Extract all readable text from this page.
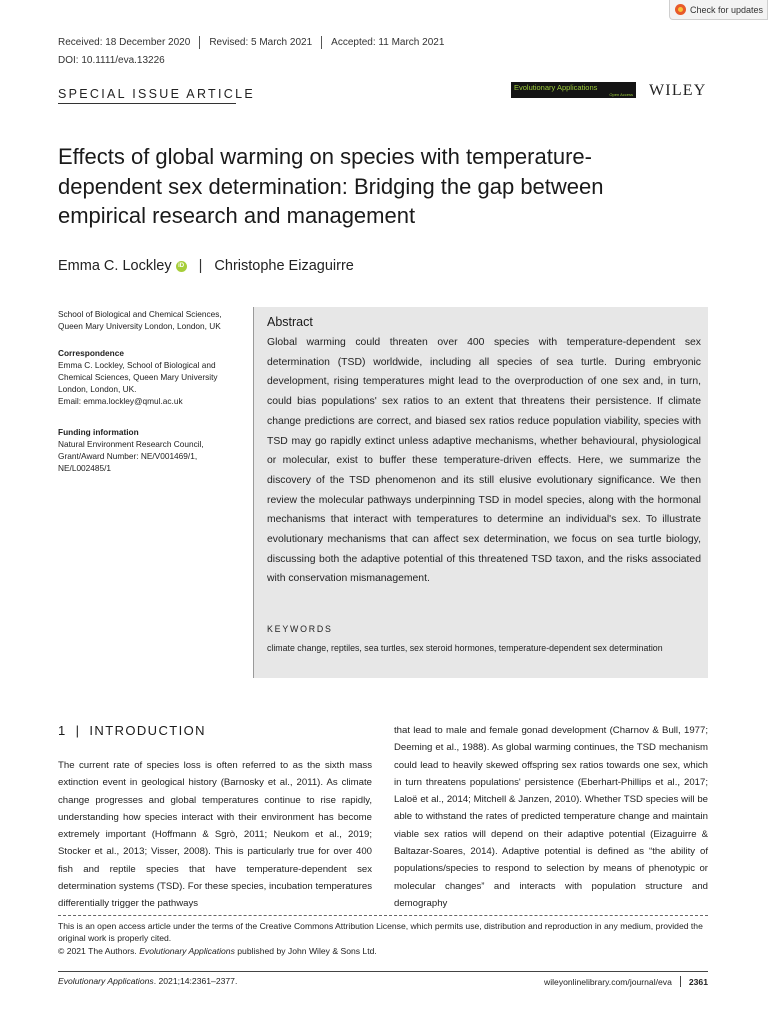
Check for updates
Received: 18 December 2020 Revised: 5 March 2021 Accepted: 11 March 2021
DOI: 10.1111/eva.13226
SPECIAL ISSUE ARTICLE	Evolutionary Applications
Open Access WILEY
Effects of global warming on species with temperature-dependent sex determination: Bridging the gap between empirical research and management
Emma C. Lockley	iD | Christophe Eizaguirre
School of Biological and Chemical Sciences, Queen Mary University London, London, UK
Correspondence
Emma C. Lockley, School of Biological and Chemical Sciences, Queen Mary University London, London, UK.
Email: emma.lockley@qmul.ac.uk
Funding information
Natural Environment Research Council, Grant/Award Number: NE/V001469/1, NE/L002485/1
Abstract
Global warming could threaten over 400 species with temperature-dependent sex determination (TSD) worldwide, including all species of sea turtle. During embryonic development, rising temperatures might lead to the overproduction of one sex and, in turn, could bias populations' sex ratios to an extent that threatens their persistence. If climate change predictions are correct, and biased sex ratios reduce population viability, species with TSD may go rapidly extinct unless adaptive mechanisms, whether behavioural, physiological or molecular, exist to buffer these temperature-driven effects. Here, we summarize the discovery of the TSD phenomenon and its still elusive evolutionary significance. We then review the molecular pathways underpinning TSD in model species, along with the hormonal mechanisms that interact with temperatures to determine an individual's sex. To illustrate evolutionary mechanisms that can affect sex determination, we focus on sea turtle biology, discussing both the adaptive potential of this threatened TSD taxon, and the risks associated with conservation mismanagement.
KEYWORDS
climate change, reptiles, sea turtles, sex steroid hormones, temperature-dependent sex determination
1 | INTRODUCTION
The current rate of species loss is often referred to as the sixth mass extinction event in geological history (Barnosky et al., 2011). As climate change progresses and global temperatures continue to rise rapidly, understanding how species interact with their environment has become extremely important (Hoffmann & Sgrò, 2011; Neukom et al., 2019; Stocker et al., 2013; Visser, 2008). This is particularly true for over 400 fish and reptile species that have temperature-dependent sex determination systems (TSD). For these species, incubation temperatures differentially trigger the pathways
that lead to male and female gonad development (Charnov & Bull, 1977; Deeming et al., 1988). As global warming continues, the TSD mechanism could lead to heavily skewed offspring sex ratios towards one sex, which in turn threatens populations' persistence (Eberhart-Phillips et al., 2017; Laloë et al., 2014; Mitchell & Janzen, 2010). Whether TSD species will be able to withstand the rates of predicted temperature change and maintain viable sex ratios will depend on their adaptive potential (Eizaguirre & Baltazar-Soares, 2014). Adaptive potential is defined as “the ability of populations/species to respond to selection by means of phenotypic or molecular changes” and interacts with population structure and demography
This is an open access article under the terms of the Creative Commons Attribution License, which permits use, distribution and reproduction in any medium, provided the original work is properly cited.
© 2021 The Authors. Evolutionary Applications published by John Wiley & Sons Ltd.
Evolutionary Applications. 2021;14:2361–2377.	wileyonlinelibrary.com/journal/eva 2361
